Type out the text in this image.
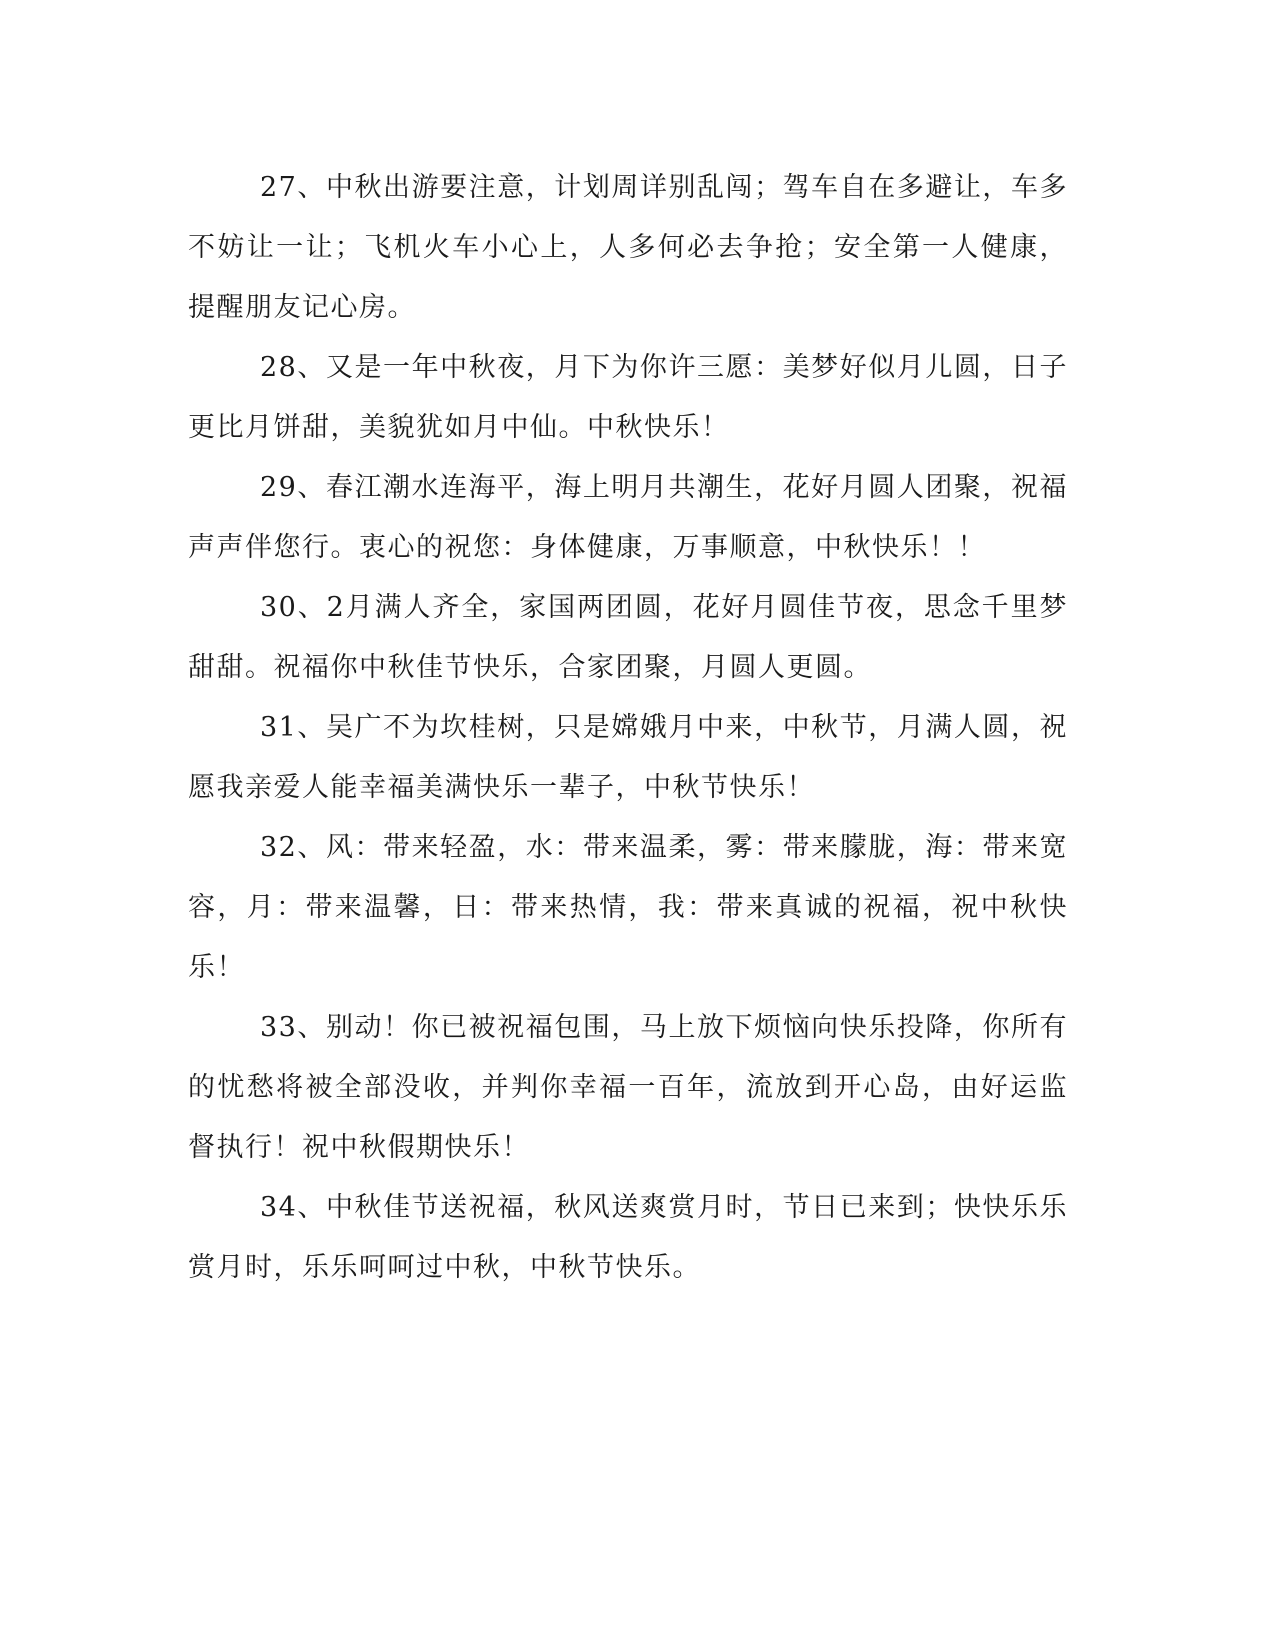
27、中秋出游要注意，计划周详别乱闯；驾车自在多避让，车多不妨让一让；飞机火车小心上，人多何必去争抢；安全第一人健康，提醒朋友记心房。

28、又是一年中秋夜，月下为你许三愿：美梦好似月儿圆，日子更比月饼甜，美貌犹如月中仙。中秋快乐！

29、春江潮水连海平，海上明月共潮生，花好月圆人团聚，祝福声声伴您行。衷心的祝您：身体健康，万事顺意，中秋快乐！！

30、2月满人齐全，家国两团圆，花好月圆佳节夜，思念千里梦甜甜。祝福你中秋佳节快乐，合家团聚，月圆人更圆。

31、吴广不为坎桂树，只是嫦娥月中来，中秋节，月满人圆，祝愿我亲爱人能幸福美满快乐一辈子，中秋节快乐！

32、风：带来轻盈，水：带来温柔，雾：带来朦胧，海：带来宽容，月：带来温馨，日：带来热情，我：带来真诚的祝福，祝中秋快乐！

33、别动！你已被祝福包围，马上放下烦恼向快乐投降，你所有的忧愁将被全部没收，并判你幸福一百年，流放到开心岛，由好运监督执行！祝中秋假期快乐！

34、中秋佳节送祝福，秋风送爽赏月时，节日已来到；快快乐乐赏月时，乐乐呵呵过中秋，中秋节快乐。
